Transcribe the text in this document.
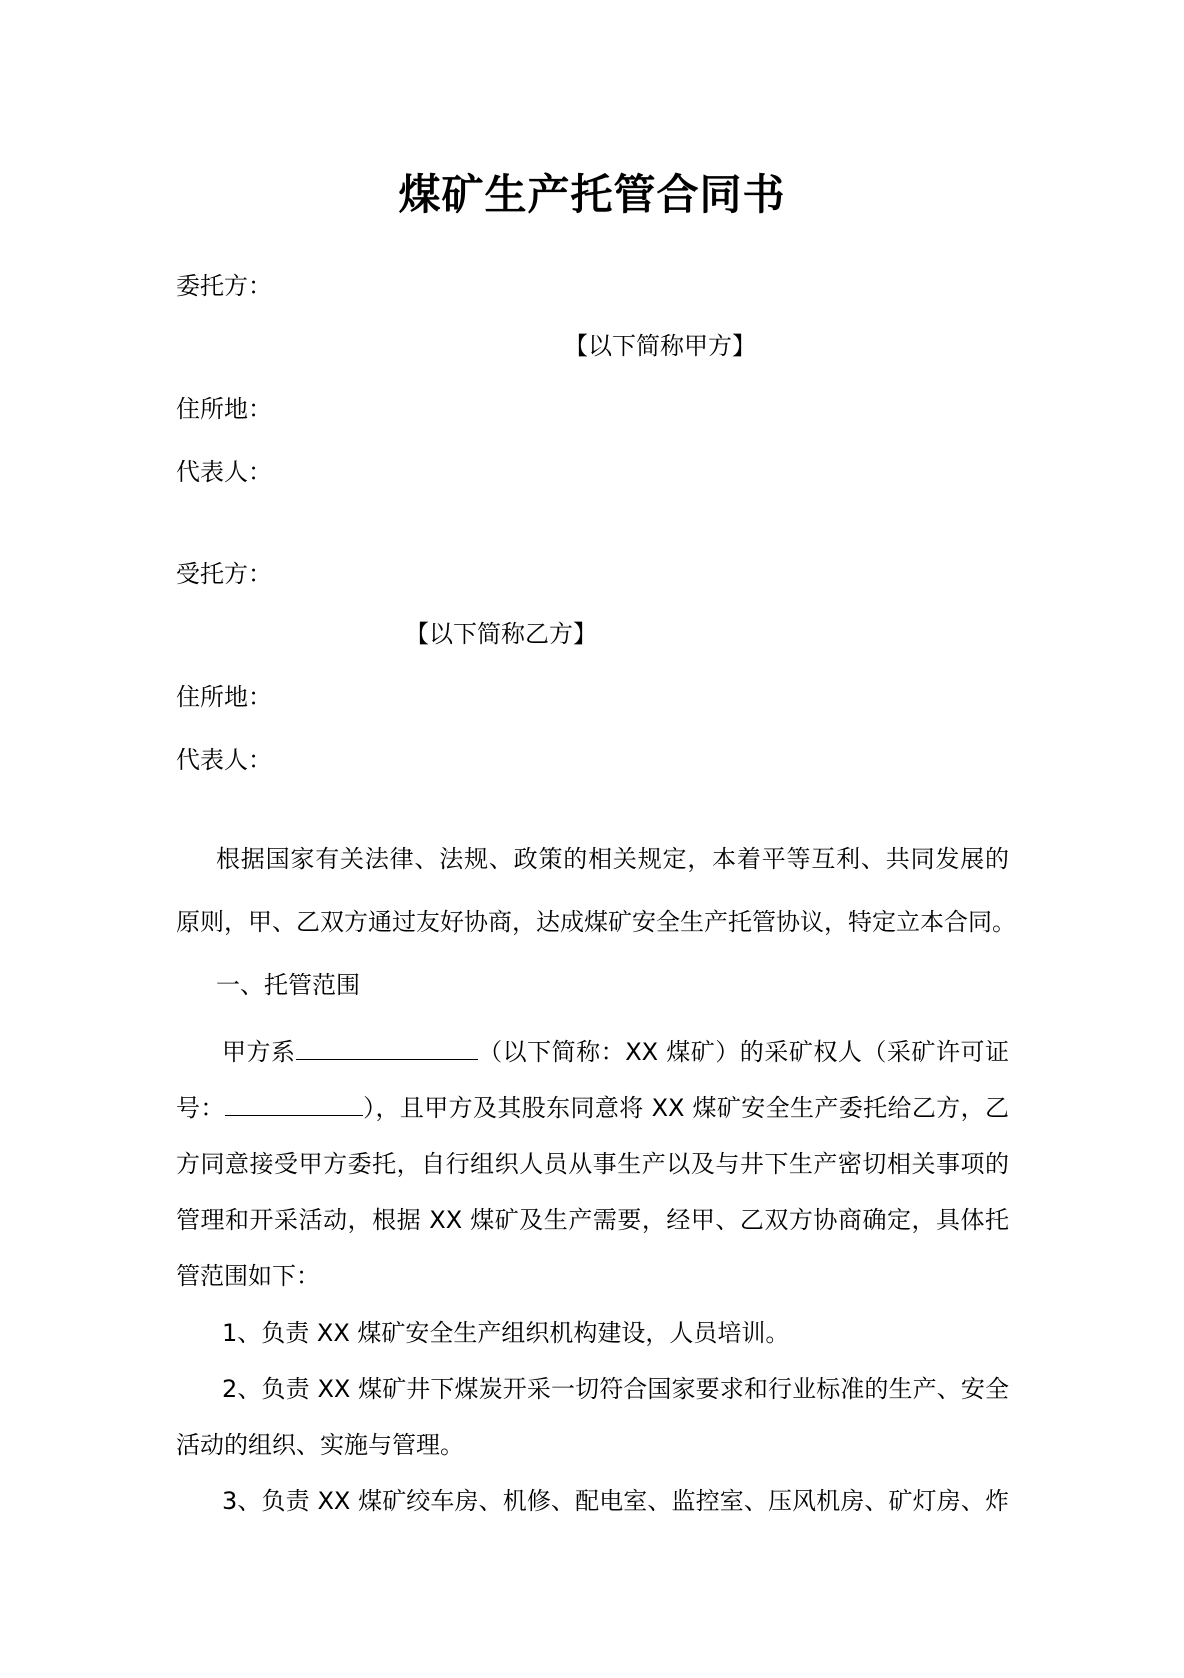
煤矿生产托管合同书
委托方：
【以下简称甲方】
住所地：
代表人：
受托方：
【以下简称乙方】
住所地：
代表人：
根据国家有关法律、法规、政策的相关规定，本着平等互利、共同发展的
原则，甲、乙双方通过友好协商，达成煤矿安全生产托管协议，特定立本合同。
一、托管范围
甲方系	（以下简称：XX 煤矿）的采矿权人（采矿许可证
号：	），且甲方及其股东同意将 XX 煤矿安全生产委托给乙方，乙
方同意接受甲方委托，自行组织人员从事生产以及与井下生产密切相关事项的
管理和开采活动，根据 XX 煤矿及生产需要，经甲、乙双方协商确定，具体托
管范围如下：
1、负责 XX 煤矿安全生产组织机构建设，人员培训。
2、负责 XX 煤矿井下煤炭开采一切符合国家要求和行业标准的生产、安全
活动的组织、实施与管理。
3、负责 XX 煤矿绞车房、机修、配电室、监控室、压风机房、矿灯房、炸
